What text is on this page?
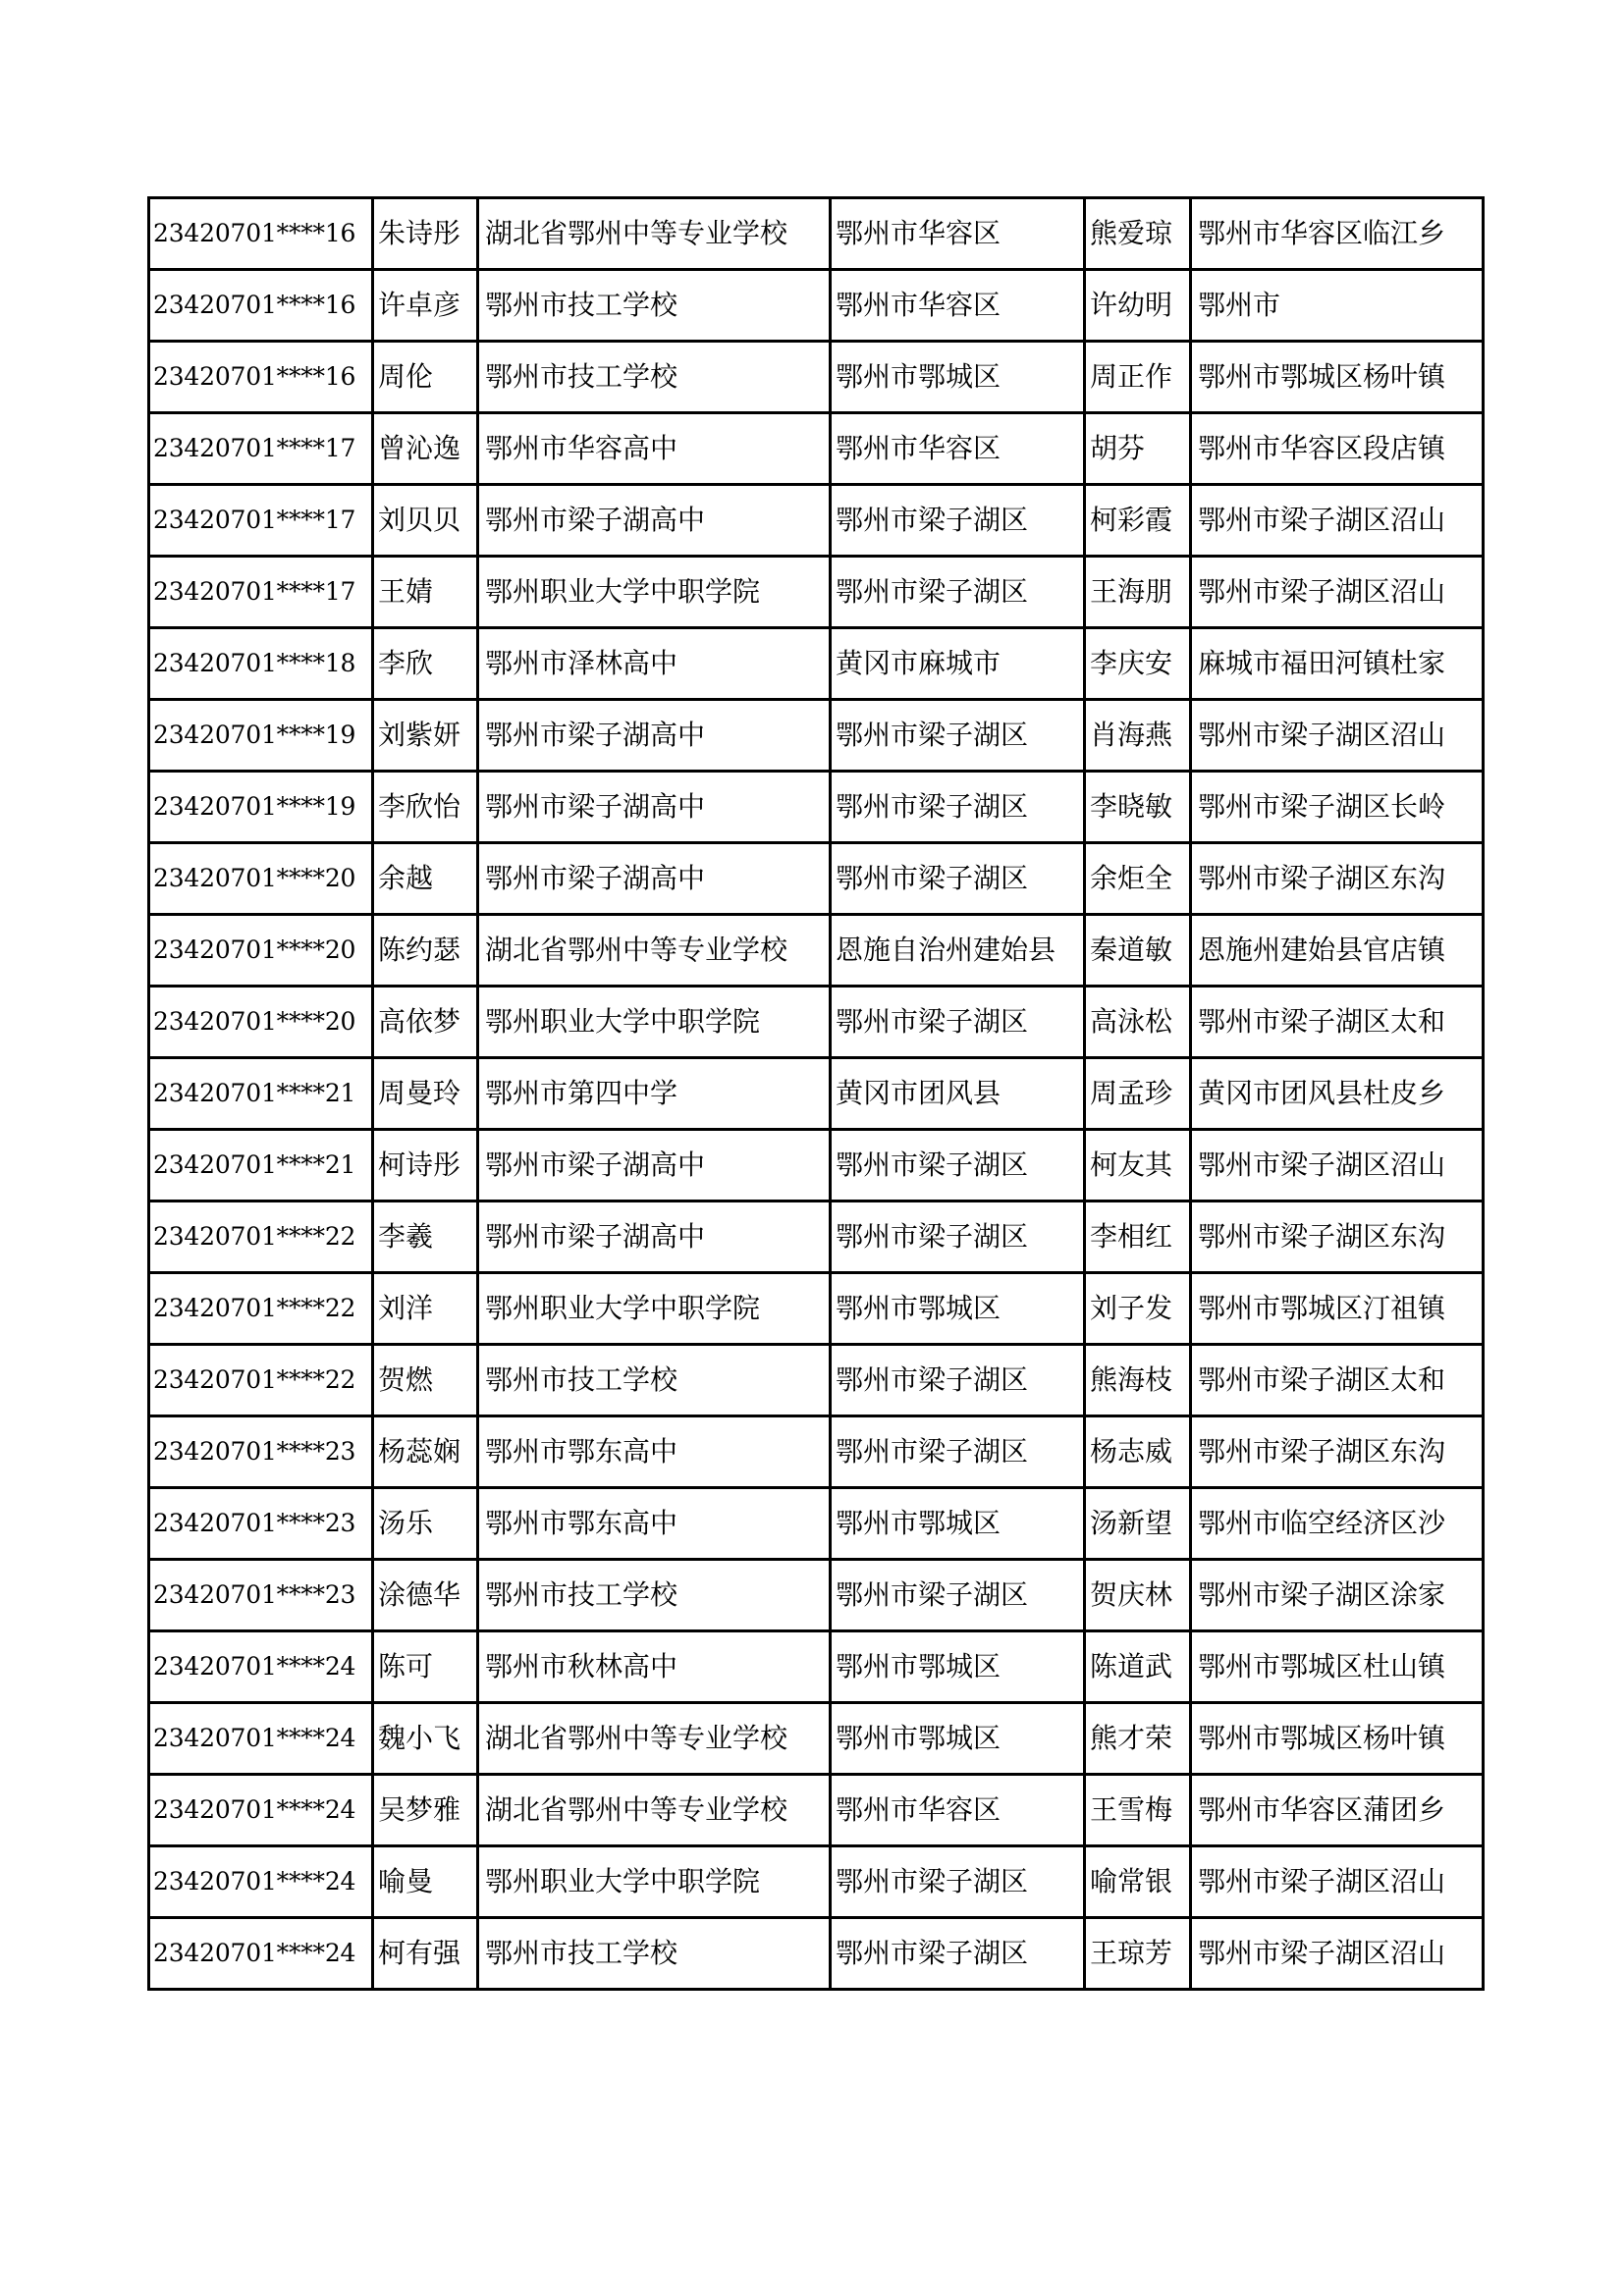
23420701****16	朱诗彤	湖北省鄂州中等专业学校	鄂州市华容区	熊爱琼	鄂州市华容区临江乡
23420701****16	许卓彦	鄂州市技工学校	鄂州市华容区	许幼明	鄂州市
23420701****16	周伦	鄂州市技工学校	鄂州市鄂城区	周正作	鄂州市鄂城区杨叶镇
23420701****17	曾沁逸	鄂州市华容高中	鄂州市华容区	胡芬	鄂州市华容区段店镇
23420701****17	刘贝贝	鄂州市梁子湖高中	鄂州市梁子湖区	柯彩霞	鄂州市梁子湖区沼山
23420701****17	王婧	鄂州职业大学中职学院	鄂州市梁子湖区	王海朋	鄂州市梁子湖区沼山
23420701****18	李欣	鄂州市泽林高中	黄冈市麻城市	李庆安	麻城市福田河镇杜家
23420701****19	刘紫妍	鄂州市梁子湖高中	鄂州市梁子湖区	肖海燕	鄂州市梁子湖区沼山
23420701****19	李欣怡	鄂州市梁子湖高中	鄂州市梁子湖区	李晓敏	鄂州市梁子湖区长岭
23420701****20	余越	鄂州市梁子湖高中	鄂州市梁子湖区	余炬全	鄂州市梁子湖区东沟
23420701****20	陈约瑟	湖北省鄂州中等专业学校	恩施自治州建始县	秦道敏	恩施州建始县官店镇
23420701****20	高依梦	鄂州职业大学中职学院	鄂州市梁子湖区	高泳松	鄂州市梁子湖区太和
23420701****21	周曼玲	鄂州市第四中学	黄冈市团风县	周孟珍	黄冈市团风县杜皮乡
23420701****21	柯诗彤	鄂州市梁子湖高中	鄂州市梁子湖区	柯友其	鄂州市梁子湖区沼山
23420701****22	李羲	鄂州市梁子湖高中	鄂州市梁子湖区	李相红	鄂州市梁子湖区东沟
23420701****22	刘洋	鄂州职业大学中职学院	鄂州市鄂城区	刘子发	鄂州市鄂城区汀祖镇
23420701****22	贺燃	鄂州市技工学校	鄂州市梁子湖区	熊海枝	鄂州市梁子湖区太和
23420701****23	杨蕊娴	鄂州市鄂东高中	鄂州市梁子湖区	杨志威	鄂州市梁子湖区东沟
23420701****23	汤乐	鄂州市鄂东高中	鄂州市鄂城区	汤新望	鄂州市临空经济区沙
23420701****23	涂德华	鄂州市技工学校	鄂州市梁子湖区	贺庆林	鄂州市梁子湖区涂家
23420701****24	陈可	鄂州市秋林高中	鄂州市鄂城区	陈道武	鄂州市鄂城区杜山镇
23420701****24	魏小飞	湖北省鄂州中等专业学校	鄂州市鄂城区	熊才荣	鄂州市鄂城区杨叶镇
23420701****24	吴梦雅	湖北省鄂州中等专业学校	鄂州市华容区	王雪梅	鄂州市华容区蒲团乡
23420701****24	喻曼	鄂州职业大学中职学院	鄂州市梁子湖区	喻常银	鄂州市梁子湖区沼山
23420701****24	柯有强	鄂州市技工学校	鄂州市梁子湖区	王琼芳	鄂州市梁子湖区沼山
